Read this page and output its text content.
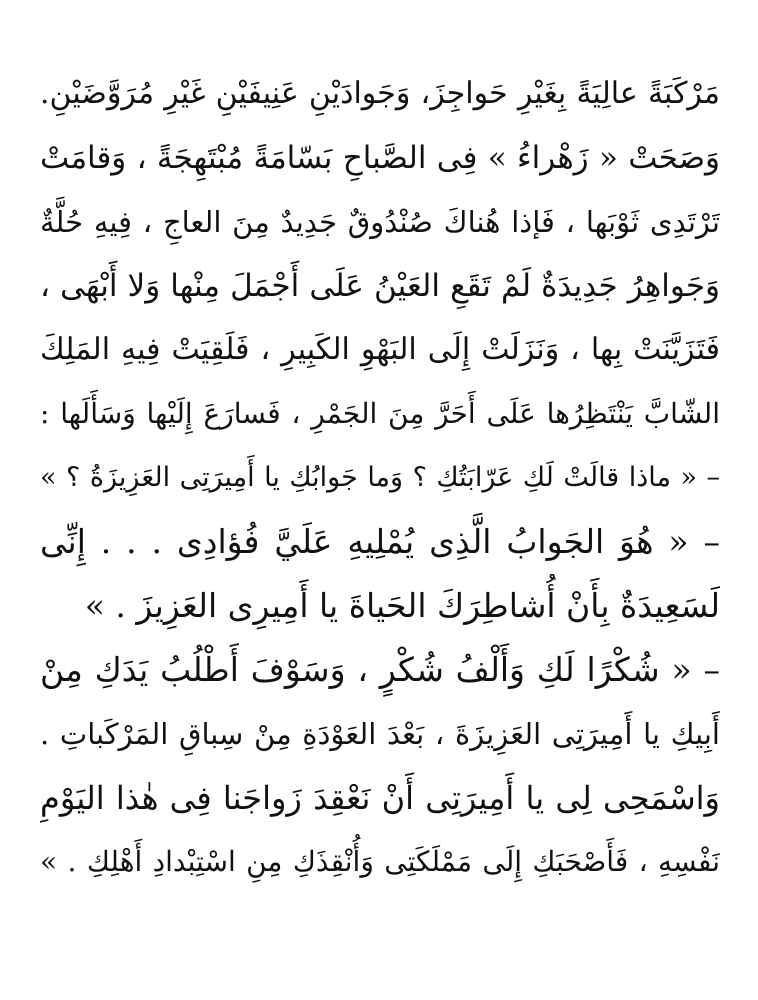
مَرْكَبَةً عالِيَةً بِغَيْرِ حَواجِزَ، وَجَوادَيْنِ عَنِيفَيْنِ غَيْرِ مُرَوَّضَيْنِ.
وَصَحَتْ « زَهْراءُ » فِى الصَّباحِ بَسّامَةً مُبْتَهِجَةً ، وَقامَتْ
تَرْتَدِى ثَوْبَها ، فَإذا هُناكَ صُنْدُوقٌ جَدِيدٌ مِنَ العاجِ ، فِيهِ حُلَّةٌ
وَجَواهِرُ جَدِيدَةٌ لَمْ تَقَعِ العَيْنُ عَلَى أَجْمَلَ مِنْها وَلا أَبْهَى ،
فَتَزَيَّنَتْ بِها ، وَنَزَلَتْ إِلَى البَهْوِ الكَبِيرِ ، فَلَقِيَتْ فِيهِ المَلِكَ
الشّابَّ يَنْتَظِرُها عَلَى أَحَرَّ مِنَ الجَمْرِ ، فَسارَعَ إِلَيْها وَسَأَلَها :
– « ماذا قالَتْ لَكِ عَرّابَتُكِ ؟ وَما جَوابُكِ يا أَمِيرَتِى العَزِيزَةُ ؟ »
– « هُوَ الجَوابُ الَّذِى يُمْلِيهِ عَلَيَّ فُؤادِى . . . إِنِّى
لَسَعِيدَةٌ بِأَنْ أُشاطِرَكَ الحَياةَ يا أَمِيرِى العَزِيزَ . »
– « شُكْرًا لَكِ وَأَلْفُ شُكْرٍ ، وَسَوْفَ أَطْلُبُ يَدَكِ مِنْ
أَبِيكِ يا أَمِيرَتِى العَزِيزَةَ ، بَعْدَ العَوْدَةِ مِنْ سِباقِ المَرْكَباتِ .
وَاسْمَحِى لِى يا أَمِيرَتِى أَنْ نَعْقِدَ زَواجَنا فِى هٰذا اليَوْمِ
نَفْسِهِ ، فَأَصْحَبَكِ إِلَى مَمْلَكَتِى وَأُنْقِذَكِ مِنِ اسْتِبْدادِ أَهْلِكِ . »
